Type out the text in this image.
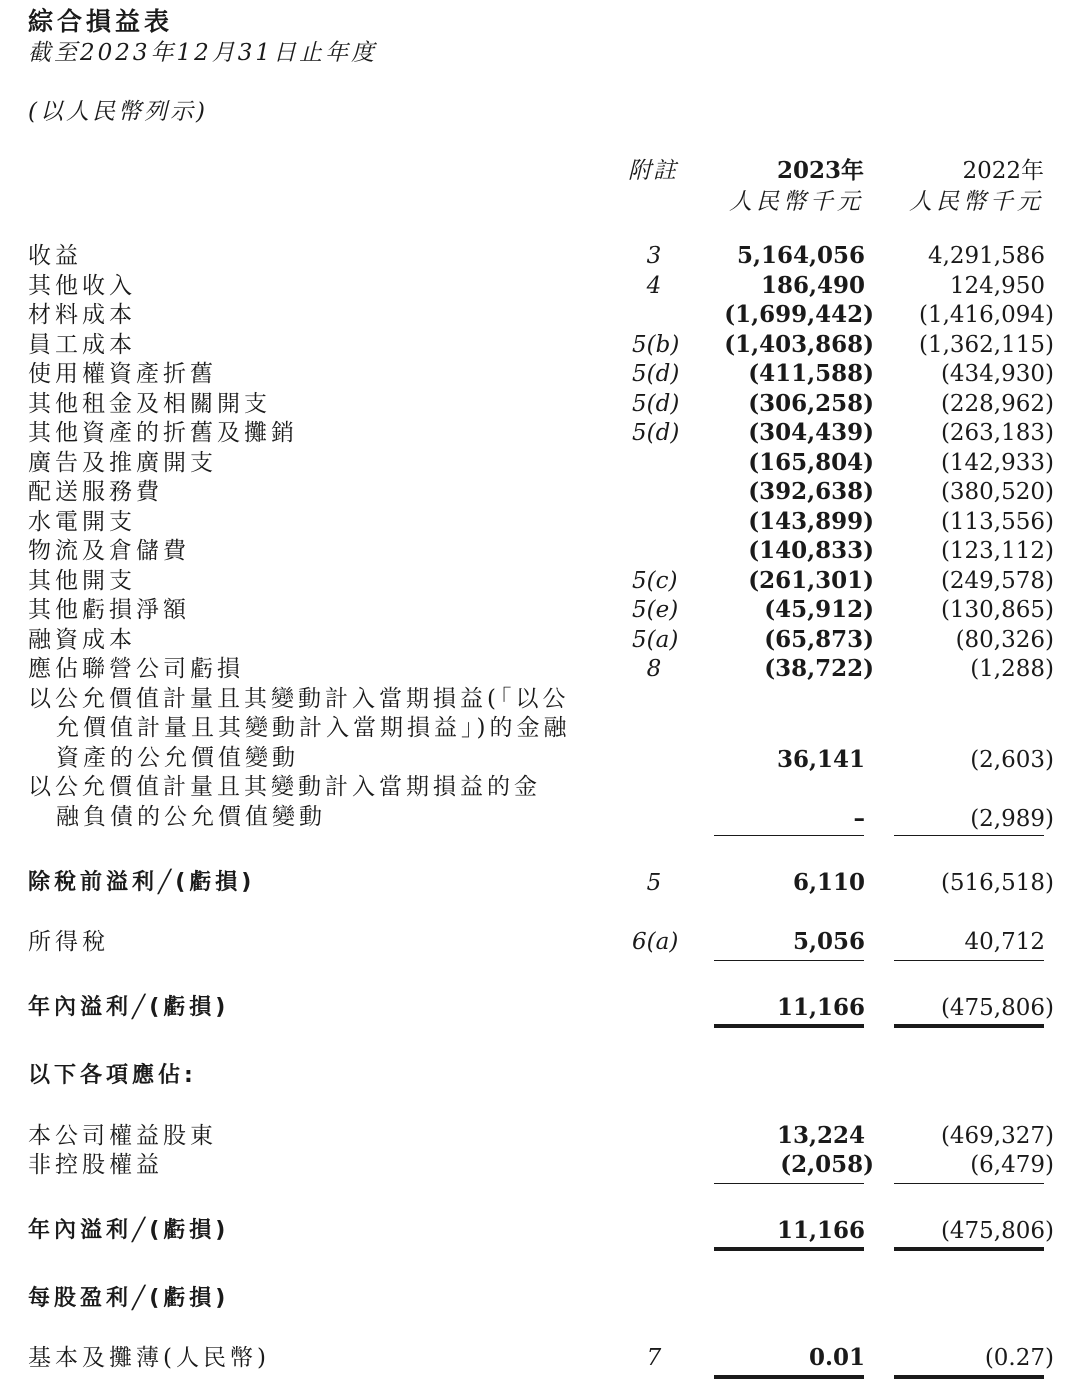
綜合損益表
截至2023年12月31日止年度
(以人民幣列示)
附註	2023年	2022年
人民幣千元 人民幣千元
收益	3	5,164,056	4,291,586
其他收入	4	186,490	124,950
材料成本	(1,699,442) (1,416,094)
員工成本	5(b) (1,403,868) (1,362,115)
使用權資產折舊	5(d)	(411,588)	(434,930)
其他租金及相關開支	5(d)	(306,258)	(228,962)
其他資產的折舊及攤銷	5(d)	(304,439)	(263,183)
廣告及推廣開支	(165,804)	(142,933)
配送服務費	(392,638)	(380,520)
水電開支	(143,899)	(113,556)
物流及倉儲費	(140,833)	(123,112)
其他開支	5(c)	(261,301)	(249,578)
其他虧損淨額	5(e)	(45,912)	(130,865)
融資成本	5(a)	(65,873)	(80,326)
應佔聯營公司虧損	8	(38,722)	(1,288)
以公允價值計量且其變動計入當期損益(「以公
允價值計量且其變動計入當期損益」)的金融
資產的公允價值變動	36,141	(2,603)
以公允價值計量且其變動計入當期損益的金
融負債的公允價值變動	–	(2,989)
除稅前溢利╱(虧損)	5	6,110	(516,518)
所得稅	6(a)	5,056	40,712
年內溢利╱(虧損)	11,166	(475,806)
以下各項應佔:
本公司權益股東	13,224	(469,327)
非控股權益	(2,058)	(6,479)
年內溢利╱(虧損)	11,166	(475,806)
每股盈利╱(虧損)
基本及攤薄(人民幣)	7	0.01	(0.27)
